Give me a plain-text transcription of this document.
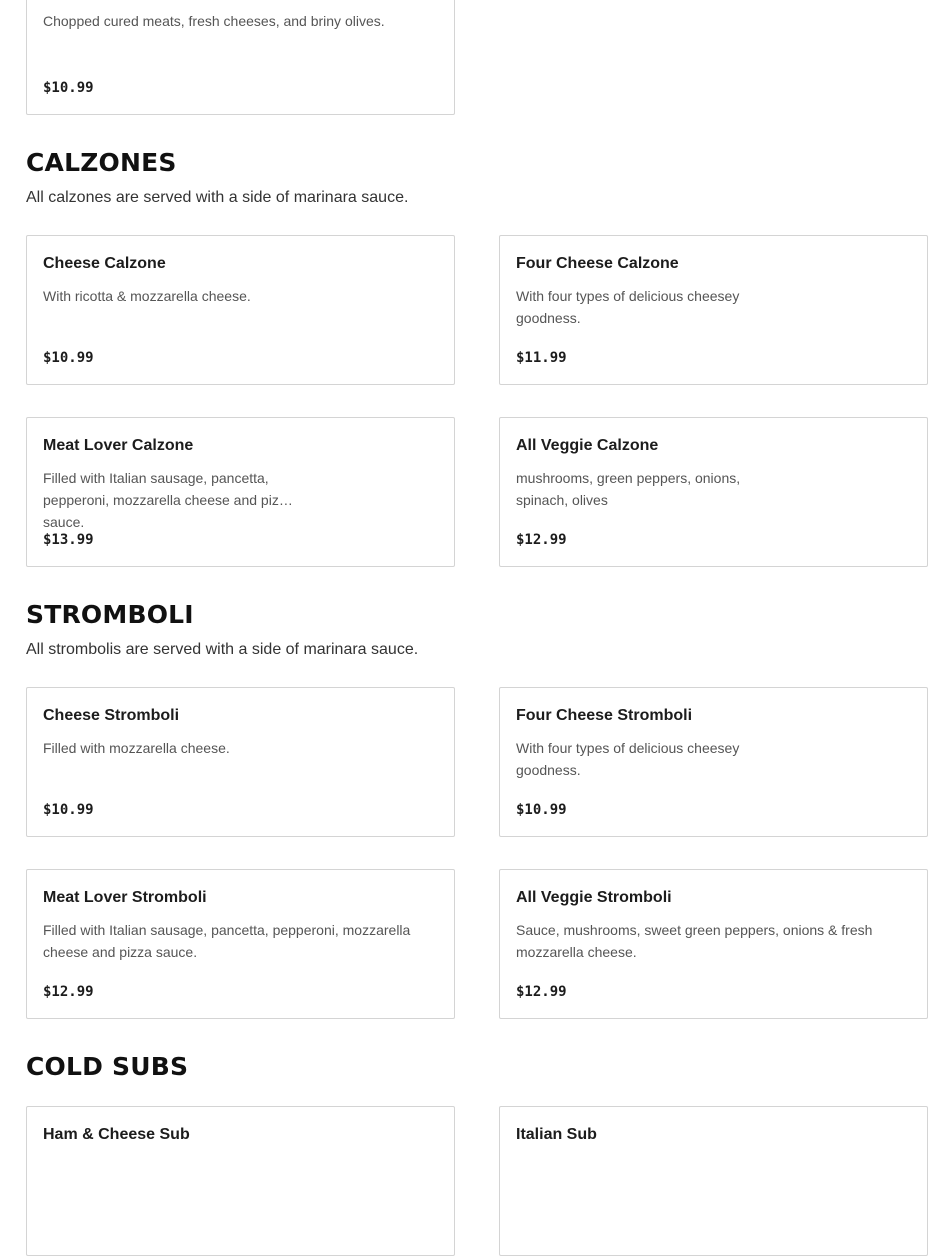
Chopped cured meats, fresh cheeses, and briny olives.
$10.99
CALZONES
All calzones are served with a side of marinara sauce.
Cheese Calzone
With ricotta & mozzarella cheese.
$10.99
Four Cheese Calzone
With four types of delicious cheesey goodness.
$11.99
Meat Lover Calzone
Filled with Italian sausage, pancetta, pepperoni, mozzarella cheese and pizza sauce.
$13.99
All Veggie Calzone
mushrooms, green peppers, onions, spinach, olives
$12.99
STROMBOLI
All strombolis are served with a side of marinara sauce.
Cheese Stromboli
Filled with mozzarella cheese.
$10.99
Four Cheese Stromboli
With four types of delicious cheesey goodness.
$10.99
Meat Lover Stromboli
Filled with Italian sausage, pancetta, pepperoni, mozzarella cheese and pizza sauce.
$12.99
All Veggie Stromboli
Sauce, mushrooms, sweet green peppers, onions & fresh mozzarella cheese.
$12.99
COLD SUBS
Ham & Cheese Sub	Italian Sub
